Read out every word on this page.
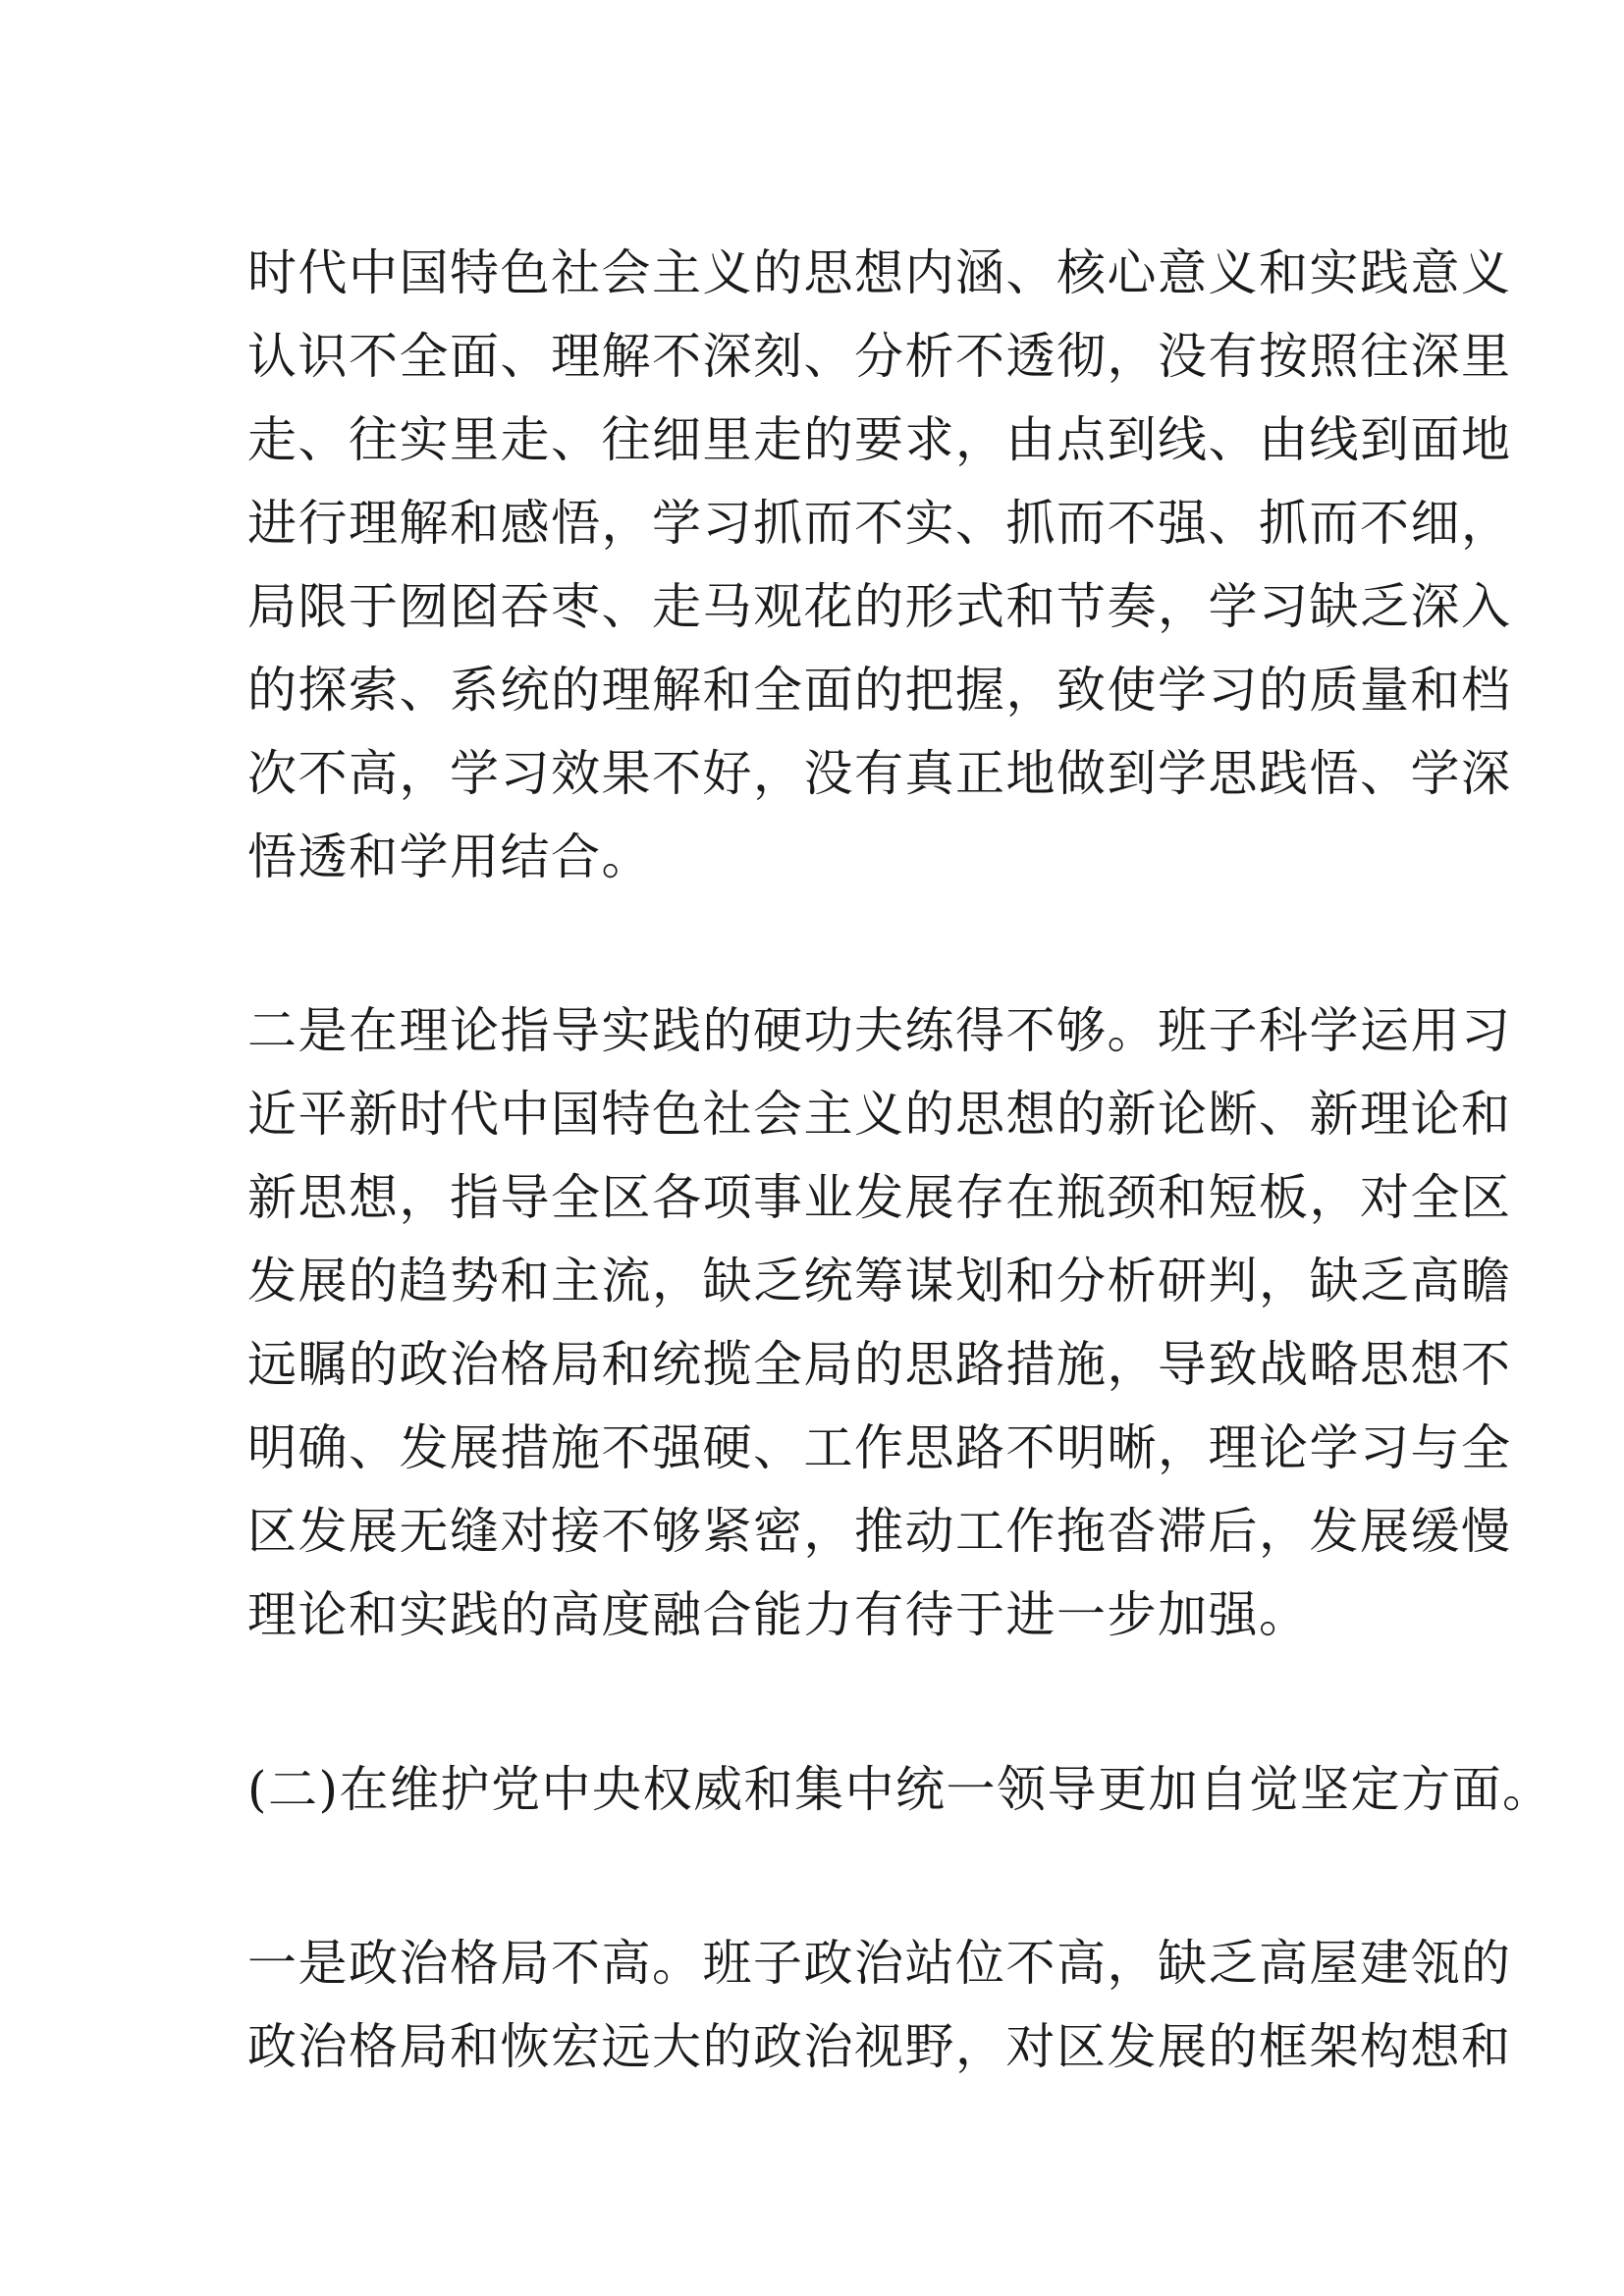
时代中国特色社会主义的思想内涵、核心意义和实践意义

认识不全面、理解不深刻、分析不透彻，没有按照往深里

走、往实里走、往细里走的要求，由点到线、由线到面地

进行理解和感悟，学习抓而不实、抓而不强、抓而不细，

局限于囫囵吞枣、走马观花的形式和节奏，学习缺乏深入

的探索、系统的理解和全面的把握，致使学习的质量和档

次不高，学习效果不好，没有真正地做到学思践悟、学深

悟透和学用结合。

二是在理论指导实践的硬功夫练得不够。班子科学运用习

近平新时代中国特色社会主义的思想的新论断、新理论和

新思想，指导全区各项事业发展存在瓶颈和短板，对全区

发展的趋势和主流，缺乏统筹谋划和分析研判，缺乏高瞻

远瞩的政治格局和统揽全局的思路措施，导致战略思想不

明确、发展措施不强硬、工作思路不明晰，理论学习与全

区发展无缝对接不够紧密，推动工作拖沓滞后，发展缓慢

理论和实践的高度融合能力有待于进一步加强。

(二)在维护党中央权威和集中统一领导更加自觉坚定方面。

一是政治格局不高。班子政治站位不高，缺乏高屋建瓴的

政治格局和恢宏远大的政治视野，对区发展的框架构想和
